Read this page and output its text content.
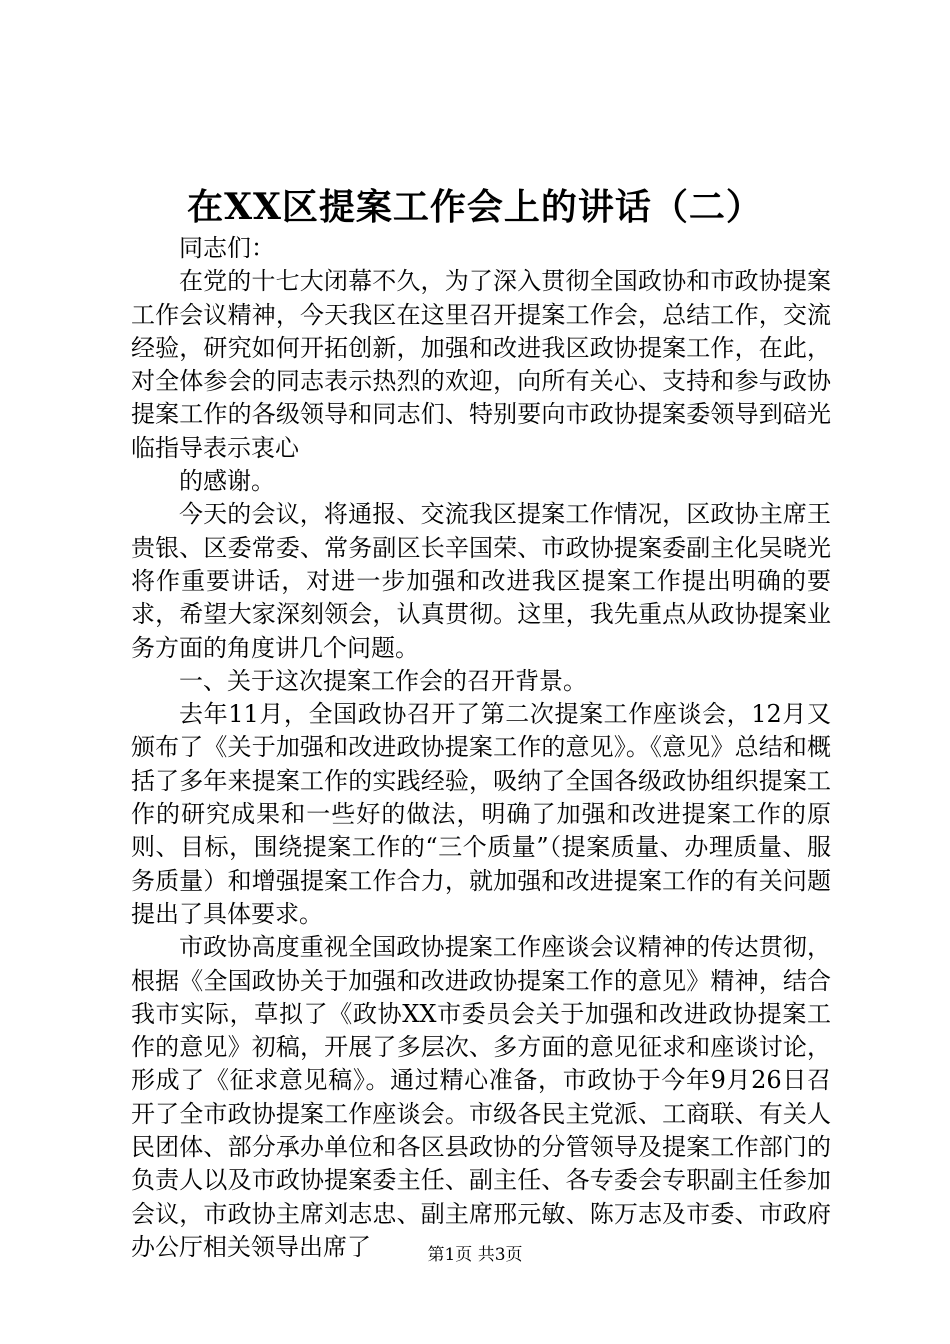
在XX区提案工作会上的讲话（二）

同志们：

在党的十七大闭幕不久，为了深入贯彻全国政协和市政协提案工作会议精神，今天我区在这里召开提案工作会，总结工作，交流经验，研究如何开拓创新，加强和改进我区政协提案工作，在此，对全体参会的同志表示热烈的欢迎，向所有关心、支持和参与政协提案工作的各级领导和同志们、特别要向市政协提案委领导到碚光临指导表示衷心

的感谢。

今天的会议，将通报、交流我区提案工作情况，区政协主席王贵银、区委常委、常务副区长辛国荣、市政协提案委副主化吴晓光将作重要讲话，对进一步加强和改进我区提案工作提出明确的要求，希望大家深刻领会，认真贯彻。这里，我先重点从政协提案业务方面的角度讲几个问题。

一、关于这次提案工作会的召开背景。

去年11月，全国政协召开了第二次提案工作座谈会，12月又颁布了《关于加强和改进政协提案工作的意见》。《意见》总结和概括了多年来提案工作的实践经验，吸纳了全国各级政协组织提案工作的研究成果和一些好的做法，明确了加强和改进提案工作的原则、目标，围绕提案工作的“三个质量”（提案质量、办理质量、服务质量）和增强提案工作合力，就加强和改进提案工作的有关问题提出了具体要求。

市政协高度重视全国政协提案工作座谈会议精神的传达贯彻，根据《全国政协关于加强和改进政协提案工作的意见》精神，结合我市实际，草拟了《政协XX市委员会关于加强和改进政协提案工作的意见》初稿，开展了多层次、多方面的意见征求和座谈讨论，形成了《征求意见稿》。通过精心准备，市政协于今年9月26日召开了全市政协提案工作座谈会。市级各民主党派、工商联、有关人民团体、部分承办单位和各区县政协的分管领导及提案工作部门的负责人以及市政协提案委主任、副主任、各专委会专职副主任参加会议，市政协主席刘志忠、副主席邢元敏、陈万志及市委、市政府办公厅相关领导出席了	第1页 共3页
